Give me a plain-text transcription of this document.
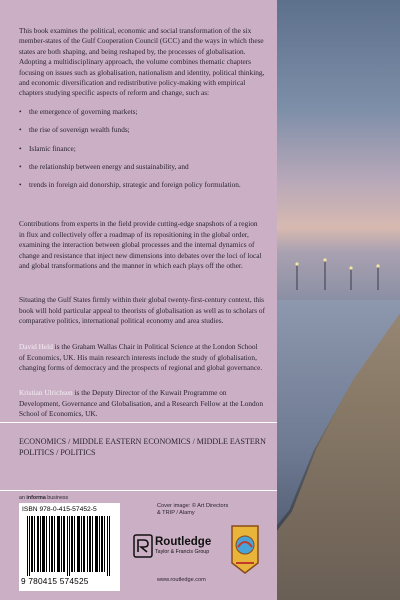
This book examines the political, economic and social transformation of the six member-states of the Gulf Cooperation Council (GCC) and the ways in which these states are both shaping, and being reshaped by, the processes of globalisation. Adopting a multidisciplinary approach, the volume combines thematic chapters focusing on issues such as globalisation, nationalism and identity, political thinking, and economic diversification and redistributive policy-making with empirical chapters studying specific aspects of reform and change, such as:

• the emergence of governing markets;
• the rise of sovereign wealth funds;
• Islamic finance;
• the relationship between energy and sustainability, and
• trends in foreign aid donorship, strategic and foreign policy formulation.

Contributions from experts in the field provide cutting-edge snapshots of a region in flux and collectively offer a roadmap of its repositioning in the global order, examining the interaction between global processes and the internal dynamics of change and resistance that inject new dimensions into debates over the loci of local and global transformations and the manner in which each plays off the other.

Situating the Gulf States firmly within their global twenty-first-century context, this book will hold particular appeal to theorists of globalisation as well as to scholars of comparative politics, international political economy and area studies.

David Held is the Graham Wallas Chair in Political Science at the London School of Economics, UK. His main research interests include the study of globalisation, changing forms of democracy and the prospects of regional and global governance.

Kristian Ulrichsen is the Deputy Director of the Kuwait Programme on Development, Governance and Globalisation, and a Research Fellow at the London School of Economics, UK.

ECONOMICS / MIDDLE EASTERN ECONOMICS / MIDDLE EASTERN POLITICS / POLITICS
an informa business
ISBN 978-0-415-57452-5
9 780415 574525
Cover image: © Art Directors
& TRIP / Alamy
Routledge
Taylor & Francis Group
www.routledge.com
